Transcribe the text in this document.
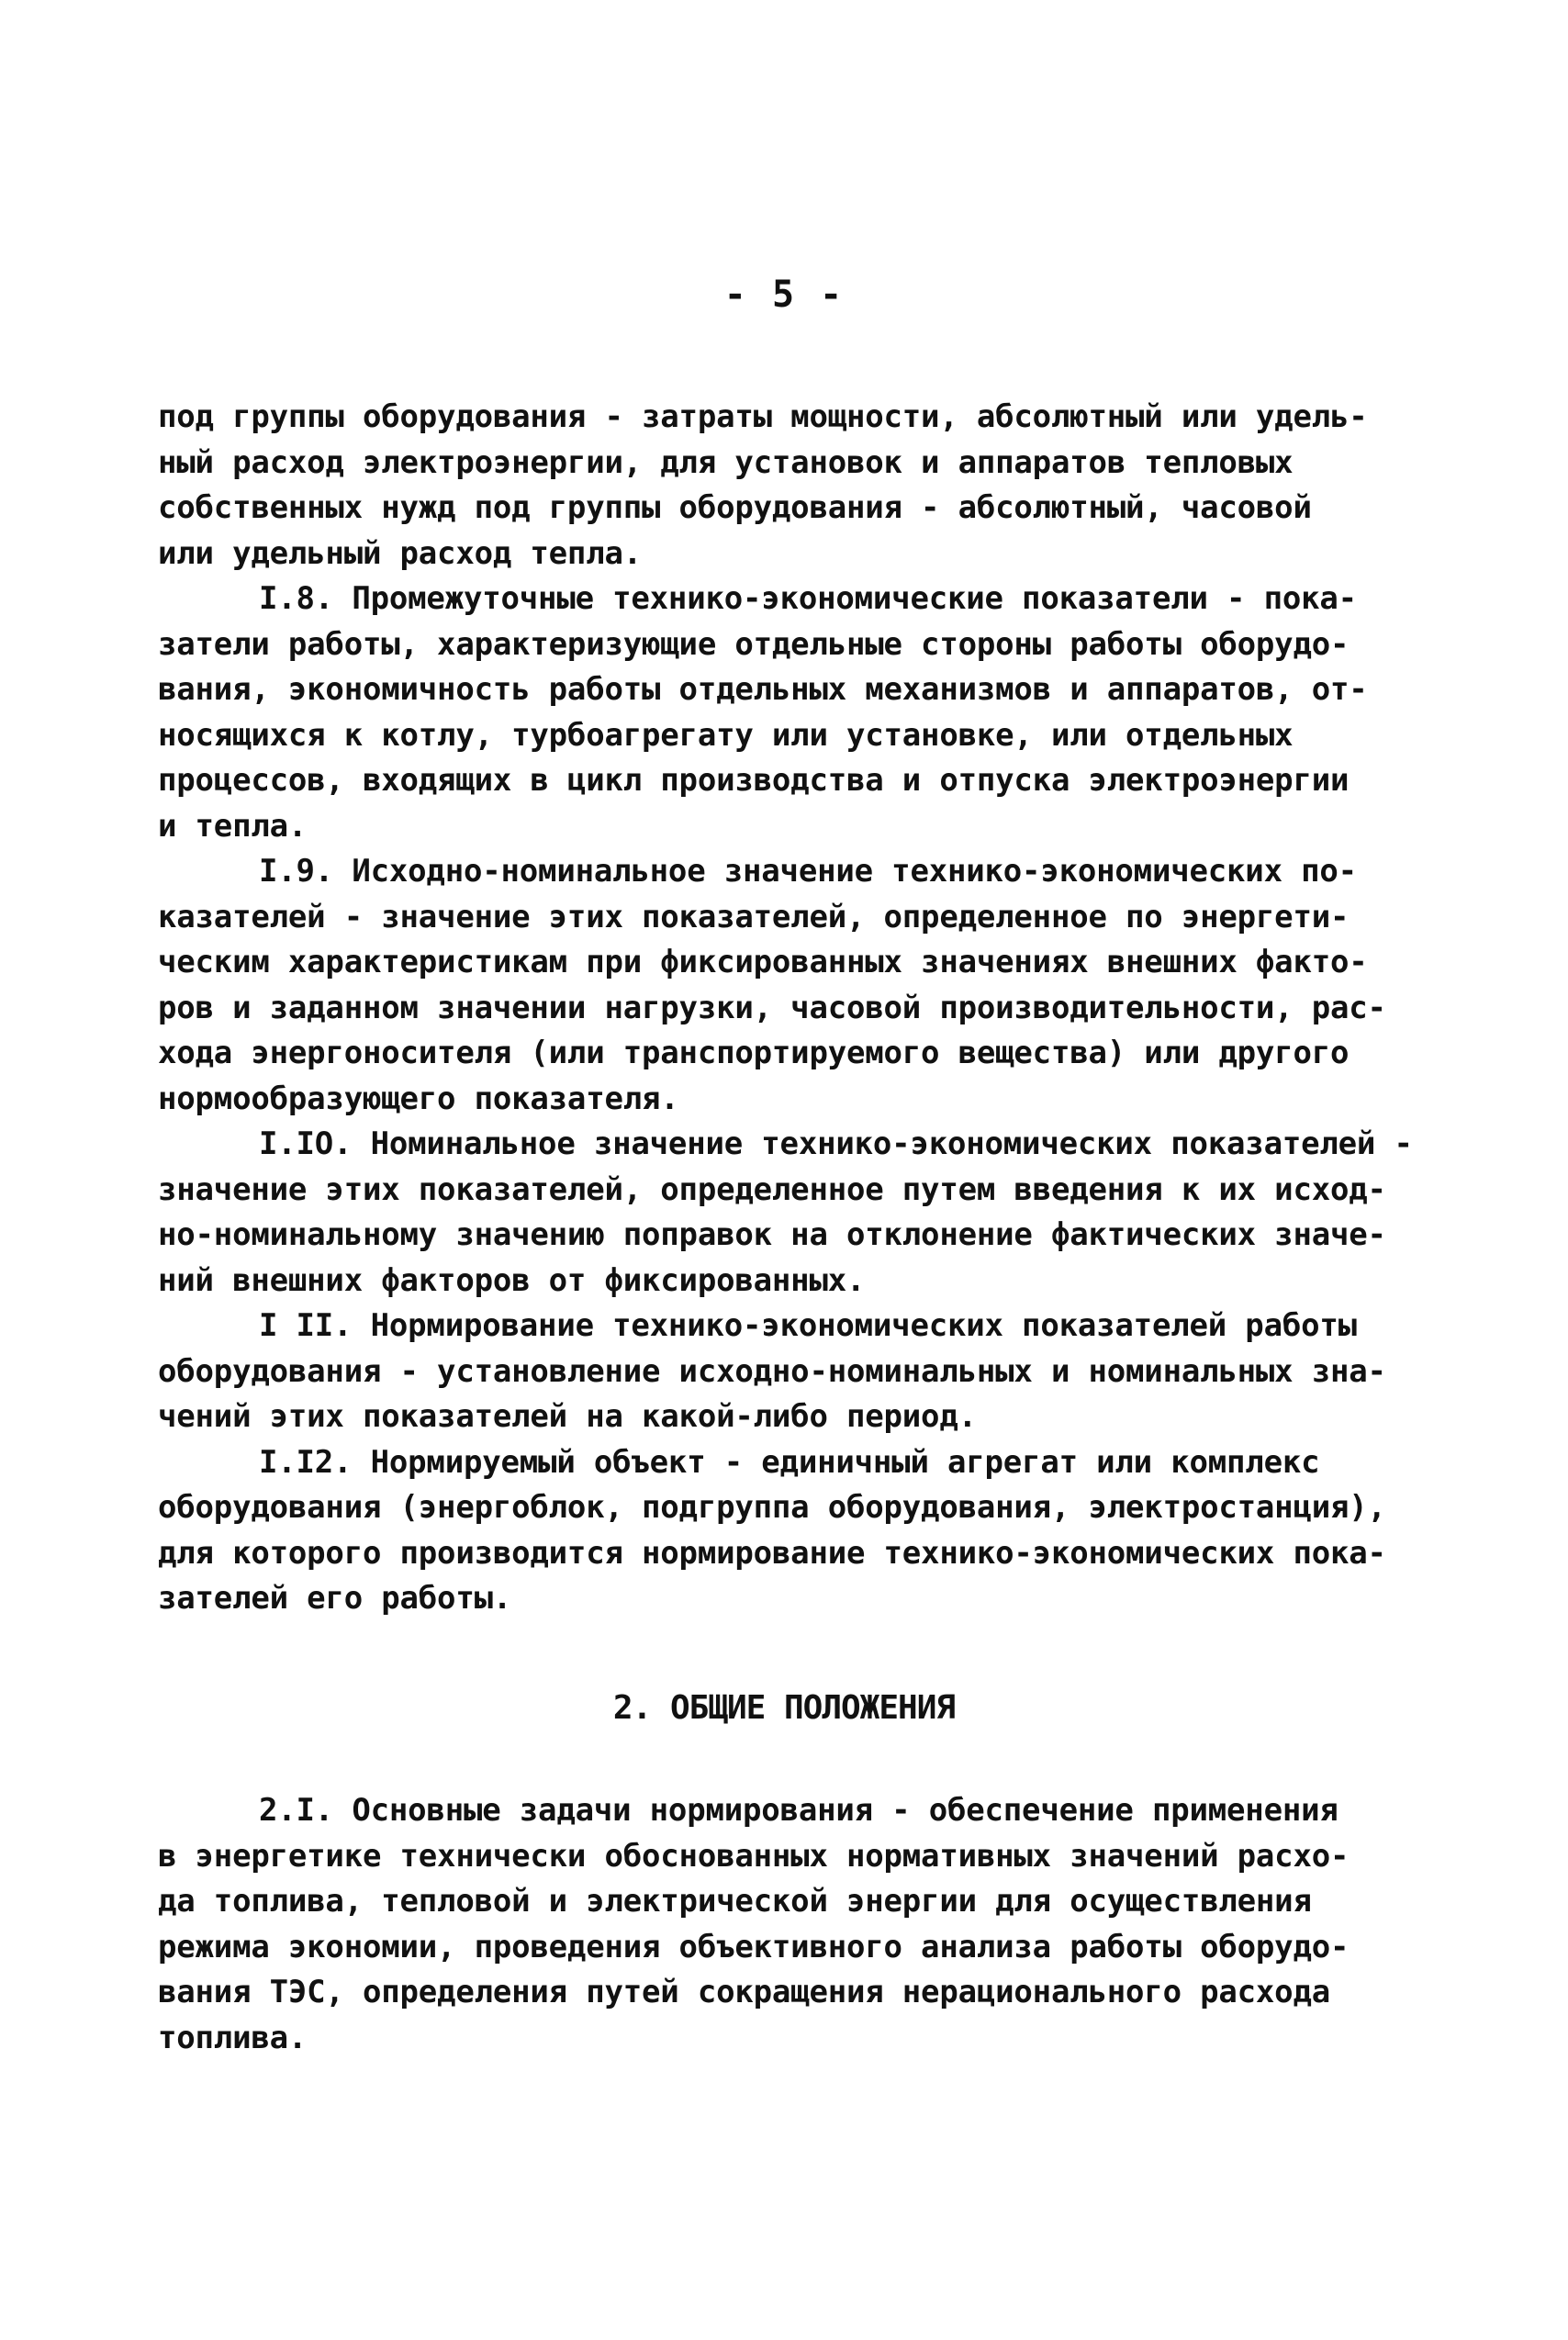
- 5 -
под группы оборудования - затраты мощности, абсолютный или удель-
ный расход электроэнергии, для установок и аппаратов тепловых
собственных нужд под группы оборудования - абсолютный, часовой
или удельный расход тепла.
I.8. Промежуточные технико-экономические показатели - пока-
затели работы, характеризующие отдельные стороны работы оборудо-
вания, экономичность работы отдельных механизмов и аппаратов, от-
носящихся к котлу, турбоагрегату или установке, или отдельных
процессов, входящих в цикл производства и отпуска электроэнергии
и тепла.
I.9. Исходно-номинальное значение технико-экономических по-
казателей - значение этих показателей, определенное по энергети-
ческим характеристикам при фиксированных значениях внешних факто-
ров и заданном значении нагрузки, часовой производительности, рас-
хода энергоносителя (или транспортируемого вещества) или другого
нормообразующего показателя.
I.IO. Номинальное значение технико-экономических показателей -
значение этих показателей, определенное путем введения к их исход-
но-номинальному значению поправок на отклонение фактических значе-
ний внешних факторов от фиксированных.
I II. Нормирование технико-экономических показателей работы
оборудования - установление исходно-номинальных и номинальных зна-
чений этих показателей на какой-либо период.
I.I2. Нормируемый объект - единичный агрегат или комплекс
оборудования (энергоблок, подгруппа оборудования, электростанция),
для которого производится нормирование технико-экономических пока-
зателей его работы.
2. ОБЩИЕ ПОЛОЖЕНИЯ
2.I. Основные задачи нормирования - обеспечение применения
в энергетике технически обоснованных нормативных значений расхо-
да топлива, тепловой и электрической энергии для осуществления
режима экономии, проведения объективного анализа работы оборудо-
вания ТЭС, определения путей сокращения нерационального расхода
топлива.
